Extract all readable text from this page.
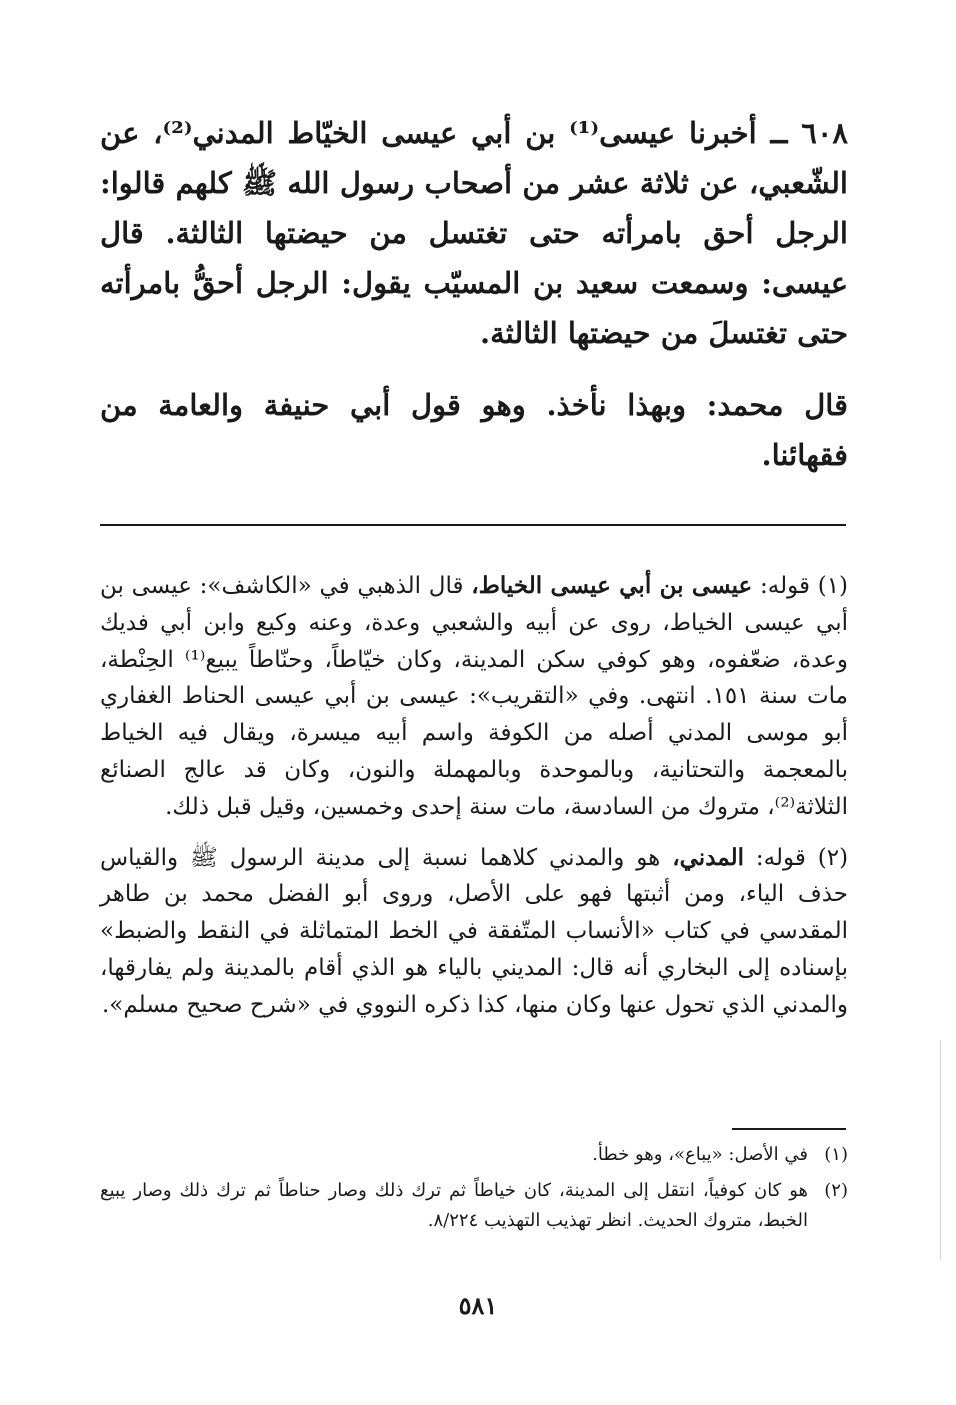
٦٠٨ ــ أخبرنا عيسى⁽¹⁾ بن أبي عيسى الخيّاط المدني⁽²⁾، عن الشّعبي، عن ثلاثة عشر من أصحاب رسول الله ﷺ كلهم قالوا: الرجل أحق بامرأته حتى تغتسل من حيضتها الثالثة. قال عيسى: وسمعت سعيد بن المسيّب يقول: الرجل أحقُّ بامرأته حتى تغتسلَ من حيضتها الثالثة.

قال محمد: وبهذا نأخذ. وهو قول أبي حنيفة والعامة من فقهائنا.

(١) قوله: عيسى بن أبي عيسى الخياط، قال الذهبي في «الكاشف»: عيسى بن أبي عيسى الخياط، روى عن أبيه والشعبي وعدة، وعنه وكيع وابن أبي فديك وعدة، ضعّفوه، وهو كوفي سكن المدينة، وكان خيّاطاً، وحنّاطاً يبيع⁽¹⁾ الحِنْطة، مات سنة ١٥١. انتهى. وفي «التقريب»: عيسى بن أبي عيسى الحناط الغفاري أبو موسى المدني أصله من الكوفة واسم أبيه ميسرة، ويقال فيه الخياط بالمعجمة والتحتانية، وبالموحدة وبالمهملة والنون، وكان قد عالج الصنائع الثلاثة⁽²⁾، متروك من السادسة، مات سنة إحدى وخمسين، وقيل قبل ذلك.

(٢) قوله: المدني، هو والمدني كلاهما نسبة إلى مدينة الرسول ﷺ والقياس حذف الياء، ومن أثبتها فهو على الأصل، وروى أبو الفضل محمد بن طاهر المقدسي في كتاب «الأنساب المتّفقة في الخط المتماثلة في النقط والضبط» بإسناده إلى البخاري أنه قال: المديني بالياء هو الذي أقام بالمدينة ولم يفارقها، والمدني الذي تحول عنها وكان منها، كذا ذكره النووي في «شرح صحيح مسلم».

(١)
في الأصل: «يباع»، وهو خطأ.
(٢)
هو كان كوفياً، انتقل إلى المدينة، كان خياطاً ثم ترك ذلك وصار حناطاً ثم ترك ذلك وصار يبيع الخبط، متروك الحديث. انظر تهذيب التهذيب ٨/٢٢٤.
٥٨١
